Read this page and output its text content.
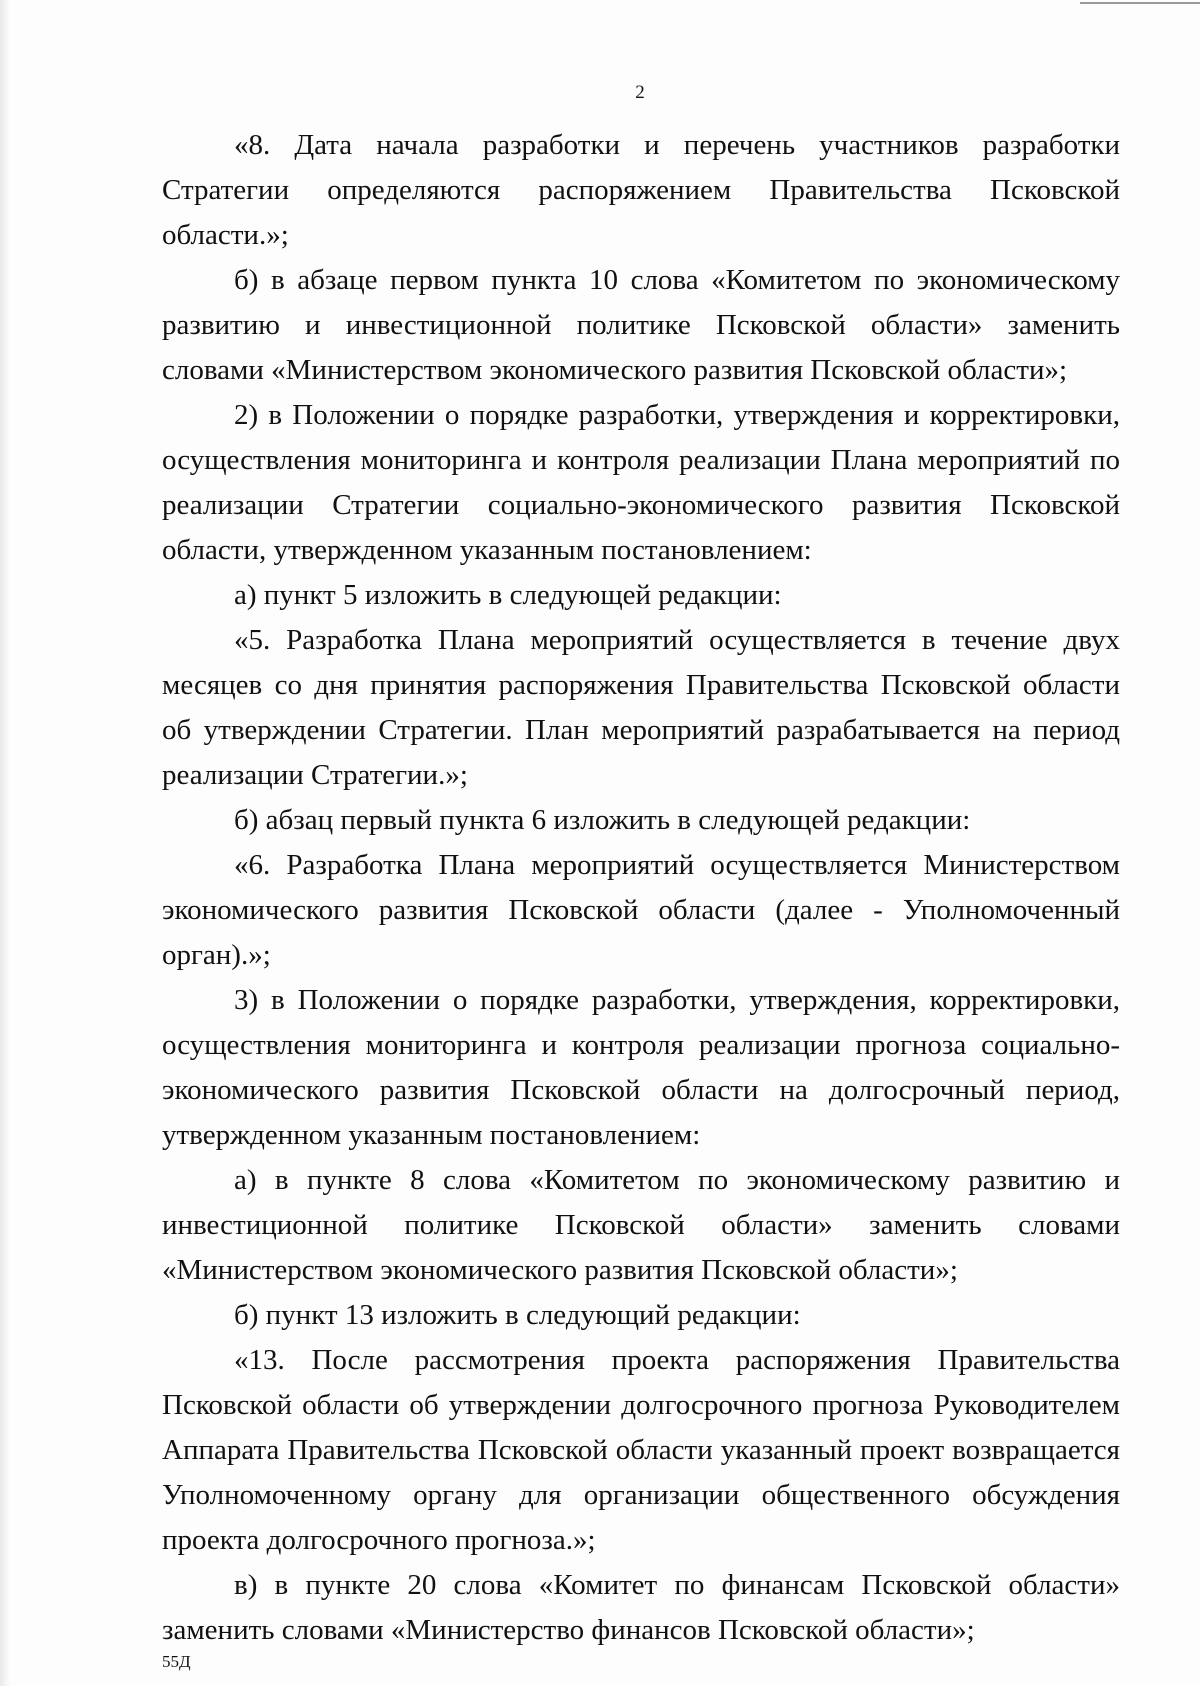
2

«8. Дата начала разработки и перечень участников разработки Стратегии определяются распоряжением Правительства Псковской области.»;

б) в абзаце первом пункта 10 слова «Комитетом по экономическому развитию и инвестиционной политике Псковской области» заменить словами «Министерством экономического развития Псковской области»;

2) в Положении о порядке разработки, утверждения и корректировки, осуществления мониторинга и контроля реализации Плана мероприятий по реализации Стратегии социально-экономического развития Псковской области, утвержденном указанным постановлением:

а) пункт 5 изложить в следующей редакции:

«5. Разработка Плана мероприятий осуществляется в течение двух месяцев со дня принятия распоряжения Правительства Псковской области об утверждении Стратегии. План мероприятий разрабатывается на период реализации Стратегии.»;

б) абзац первый пункта 6 изложить в следующей редакции:

«6. Разработка Плана мероприятий осуществляется Министерством экономического развития Псковской области (далее - Уполномоченный орган).»;

3) в Положении о порядке разработки, утверждения, корректировки, осуществления мониторинга и контроля реализации прогноза социально-экономического развития Псковской области на долгосрочный период, утвержденном указанным постановлением:

а) в пункте 8 слова «Комитетом по экономическому развитию и инвестиционной политике Псковской области» заменить словами «Министерством экономического развития Псковской области»;

б) пункт 13 изложить в следующий редакции:

«13. После рассмотрения проекта распоряжения Правительства Псковской области об утверждении долгосрочного прогноза Руководителем Аппарата Правительства Псковской области указанный проект возвращается Уполномоченному органу для организации общественного обсуждения проекта долгосрочного прогноза.»;

в) в пункте 20 слова «Комитет по финансам Псковской области» заменить словами «Министерство финансов Псковской области»;

55Д
